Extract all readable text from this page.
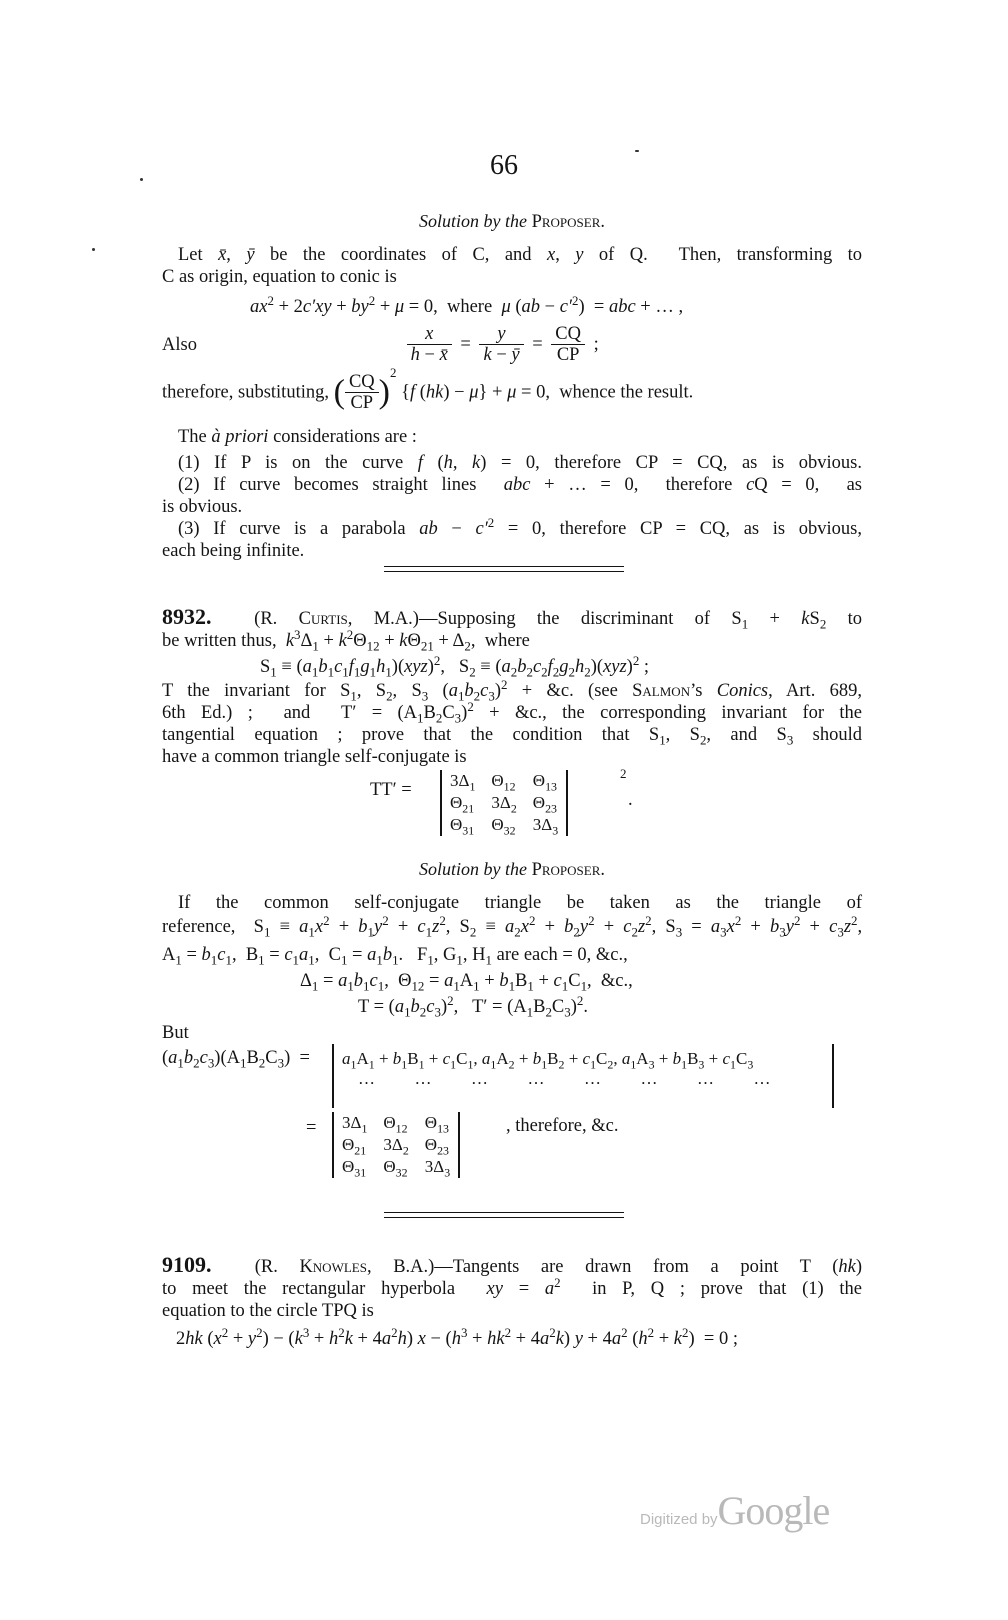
66
Solution by the Proposer.
Let x̄, ȳ be the coordinates of C, and x, y of Q.  Then, transforming to
C as origin, equation to conic is
$ax^2 + 2c'xy + by^2 + \mu = 0$,  where  μ $(ab - c'^2)$  = abc + … ,
Also	$\frac{x}{h - x̄} = \frac{y}{k - ȳ} = \frac{CQ}{CP}$ ;
therefore, substituting, ( $\frac{CQ}{CP} )^2$ {f (hk) − μ} + μ = 0,  whence the result.
The à priori considerations are :
(1) If P is on the curve f (h, k) = 0, therefore CP = CQ, as is obvious.
(2) If curve becomes straight lines  abc + … = 0,  therefore cQ = 0,  as
is obvious.
(3) If curve is a parabola ab − $c'^2 = 0$, therefore CP = CQ, as is obvious,
each being infinite.
8932.  (R. Curtis, M.A.)—Supposing the discriminant of $S_1 + kS_2$ to
be written thus,  $k^3\Delta_1 + k^2\Theta_{12} + k\Theta_{21} + \Delta_2$,  where
$S_1 \equiv (a_1b_1c_1f_1g_1h_1)(xyz)^2$,   $S_2 \equiv (a_2b_2c_2f_2g_2h_2)(xyz)^2$ ;
T the invariant for $S_1$, $S_2$, $S_3$ $(a_1b_2c_3)^2$ + &c. (see Salmon’s Conics, Art. 689,
6th Ed.) ;  and  $T' = (A_1B_2C_3)^2$ + &c., the corresponding invariant for the
tangential equation ; prove that the condition that $S_1$, $S_2$, and $S_3$ should
have a common triangle self-conjugate is
$TT' = 3\Delta_1$	$\Theta_{12}$	$\Theta_{13}$
$\Theta_{21}$	$3\Delta_2$	$\Theta_{23}$
$\Theta_{31}$	$\Theta_{32}$	$3\Delta_3$
2
.
Solution by the Proposer.
If the common self-conjugate triangle be taken as the triangle of
reference,  $S_1 \equiv a_1x^2 + b_1y^2 + c_1z^2$, $S_2 \equiv a_2x^2 + b_2y^2 + c_2z^2$, $S_3 = a_3x^2 + b_3y^2 + c_3z^2$,
$A_1 = b_1c_1$,  $B_1 = c_1a_1$,  $C_1 = a_1b_1$.   $F_1$, $G_1$, $H_1$ are each = 0, &c.,
$\Delta_1 = a_1b_1c_1$,  $\Theta_{12} = a_1A_1 + b_1B_1 + c_1C_1$,  &c.,
$T = (a_1b_2c_3)^2$,   $T' = (A_1B_2C_3)^2$.
But
$(a_1b_2c_3)(A_1B_2C_3)$  =	$a_1A_1 + b_1B_1 + c_1C_1$, $a_1A_2 + b_1B_2 + c_1C_2$, $a_1A_3 + b_1B_3 + c_1C_3$
…      …      …      …      …      …      …      …
= $3\Delta_1$	$\Theta_{12}$	$\Theta_{13}$
$\Theta_{21}$	$3\Delta_2$	$\Theta_{23}$
$\Theta_{31}$	$\Theta_{32}$	$3\Delta_3$
, therefore, &c.
9109.  (R. Knowles, B.A.)—Tangents are drawn from a point T (hk)
to meet the rectangular hyperbola  xy = $a^2$  in P, Q ; prove that (1) the
equation to the circle TPQ is
2hk $(x^2 + y^2) - (k^3 + h^2k + 4a^2h) x - (h^3 + hk^2 + 4a^2k) y + 4a^2$ $(h^2 + k^2) = 0$ ;
Digitized byGoogle
